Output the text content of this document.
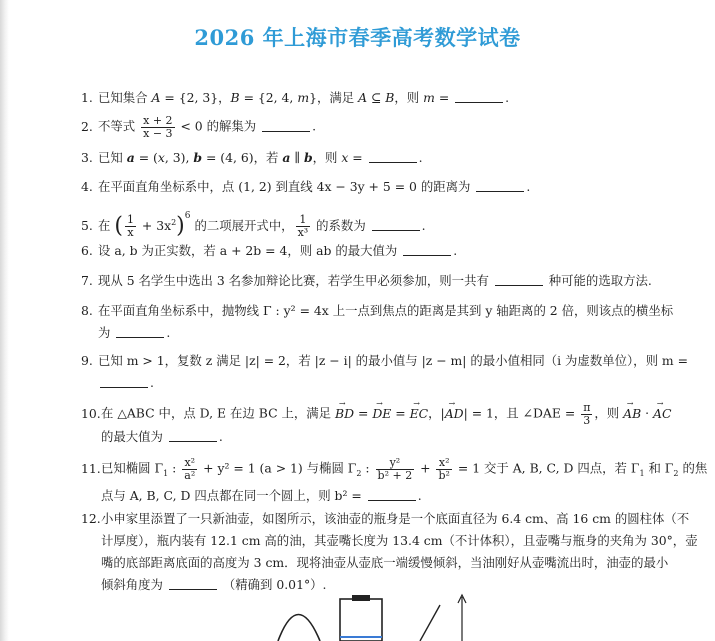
2026 年上海市春季高考数学试卷
1. 已知集合 A = {2, 3}，B = {2, 4, m}，满足 A ⊆ B，则 m =	.
2. 不等式 $\frac{x + 2}{x - 3} < 0$ 的解集为	.
3. 已知 a = (x, 3), b = (4, 6)，若 a ∥ b，则 x =	.
4. 在平面直角坐标系中，点 (1, 2) 到直线 4x − 3y + 5 = 0 的距离为	.
5. 在 ( $\frac{1}{x} + 3x^2)^6$ 的二项展开式中， $\frac{1}{\text{x³}}$ 的系数为	.
6. 设 a, b 为正实数，若 a + 2b = 4，则 ab 的最大值为	.
7. 现从 5 名学生中选出 3 名参加辩论比赛，若学生甲必须参加，则一共有	种可能的选取方法.
8. 在平面直角坐标系中，抛物线 Γ : y² = 4x 上一点到焦点的距离是其到 y 轴距离的 2 倍，则该点的横坐标
为	.
9. 已知 m > 1，复数 z 满足 |z| = 2，若 |z − i| 的最小值与 |z − m| 的最小值相同（i 为虚数单位），则 m =
.
10.在 △ABC 中，点 D, E 在边 BC 上，满足 BD → = DE → = EC →，|AD →| = 1，且 ∠DAE = $\frac{\pi}{3}$ ，则 AB → · AC →
的最大值为	.
11.已知椭圆 $\Gamma_1$ : $\frac{\text{x²}}{\text{a²}} + y^2 = 1$ (a > 1) 与椭圆 $\Gamma_2$ : $\frac{\text{y²}}{\text{b² + 2}} + \frac{\text{x²}}{\text{b²}} = 1$ 交于 A, B, C, D 四点，若 $\Gamma_1$ 和 $\Gamma_2$ 的焦
点与 A, B, C, D 四点都在同一个圆上，则 b² =	.
12.小申家里添置了一只新油壶，如图所示，该油壶的瓶身是一个底面直径为 6.4 cm、高 16 cm 的圆柱体（不
计厚度），瓶内装有 12.1 cm 高的油，其壶嘴长度为 13.4 cm（不计体积），且壶嘴与瓶身的夹角为 30°，壶
嘴的底部距离底面的高度为 3 cm．现将油壶从壶底一端缓慢倾斜，当油刚好从壶嘴流出时，油壶的最小
倾斜角度为	（精确到 0.01°）.
